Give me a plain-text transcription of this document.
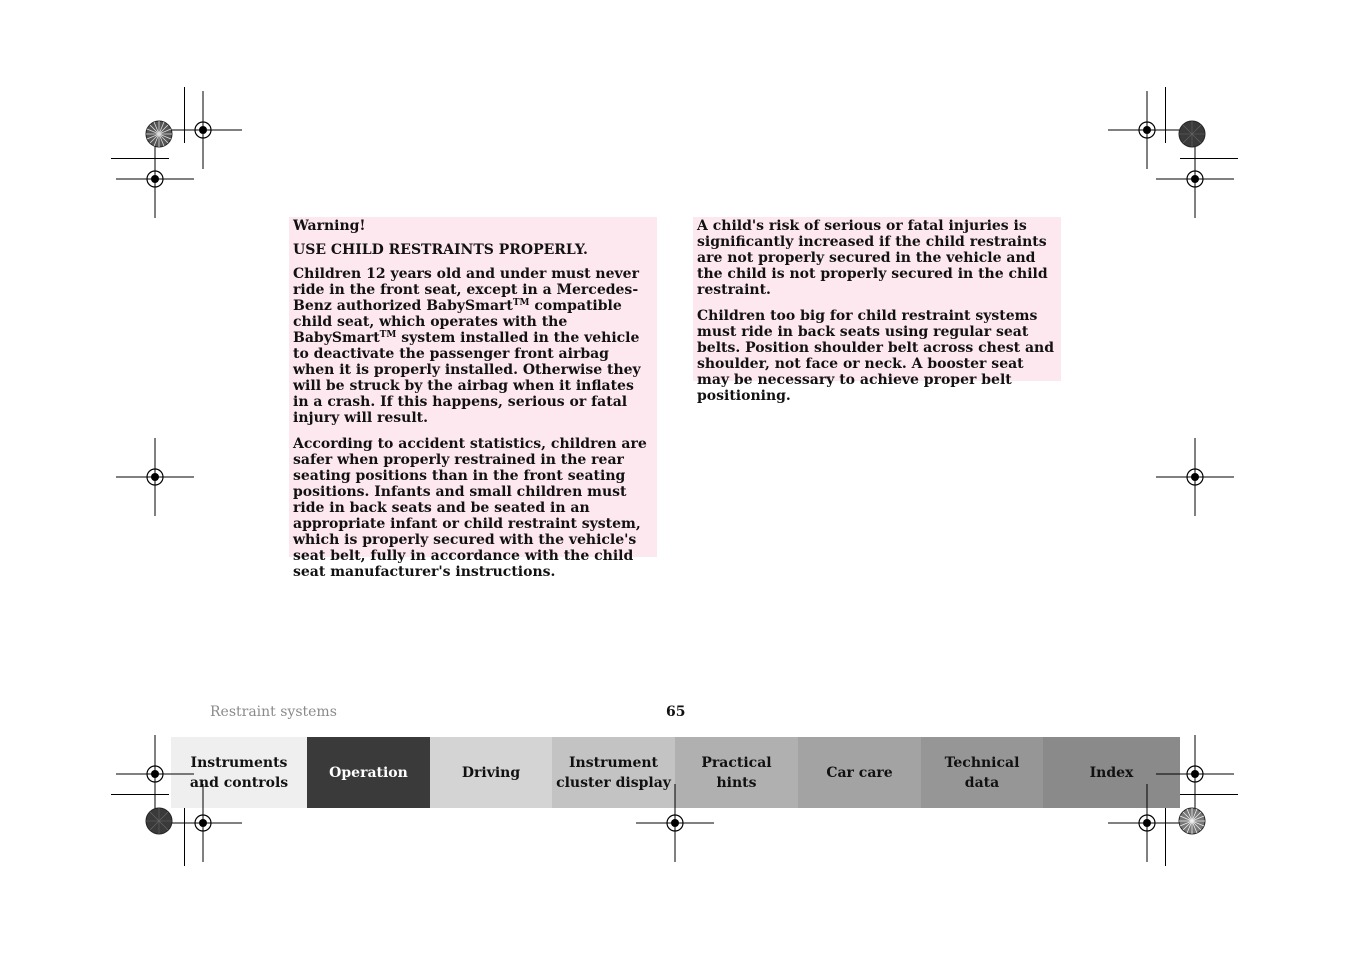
Warning!

USE CHILD RESTRAINTS PROPERLY.

Children 12 years old and under must never ride in the front seat, except in a Mercedes-Benz authorized BabySmart™ compatible child seat, which operates with the BabySmart™ system installed in the vehicle to deactivate the passenger front airbag when it is properly installed. Otherwise they will be struck by the airbag when it inflates in a crash. If this happens, serious or fatal injury will result.

According to accident statistics, children are safer when properly restrained in the rear seating positions than in the front seating positions. Infants and small children must ride in back seats and be seated in an appropriate infant or child restraint system, which is properly secured with the vehicle's seat belt, fully in accordance with the child seat manufacturer's instructions.

A child's risk of serious or fatal injuries is significantly increased if the child restraints are not properly secured in the vehicle and the child is not properly secured in the child restraint.

Children too big for child restraint systems must ride in back seats using regular seat belts. Position shoulder belt across chest and shoulder, not face or neck. A booster seat may be necessary to achieve proper belt positioning.

Restraint systems	65
Instruments
and controls
Operation	Driving
Instrument
cluster display
Practical hints
Car care
Technical
data
Index
